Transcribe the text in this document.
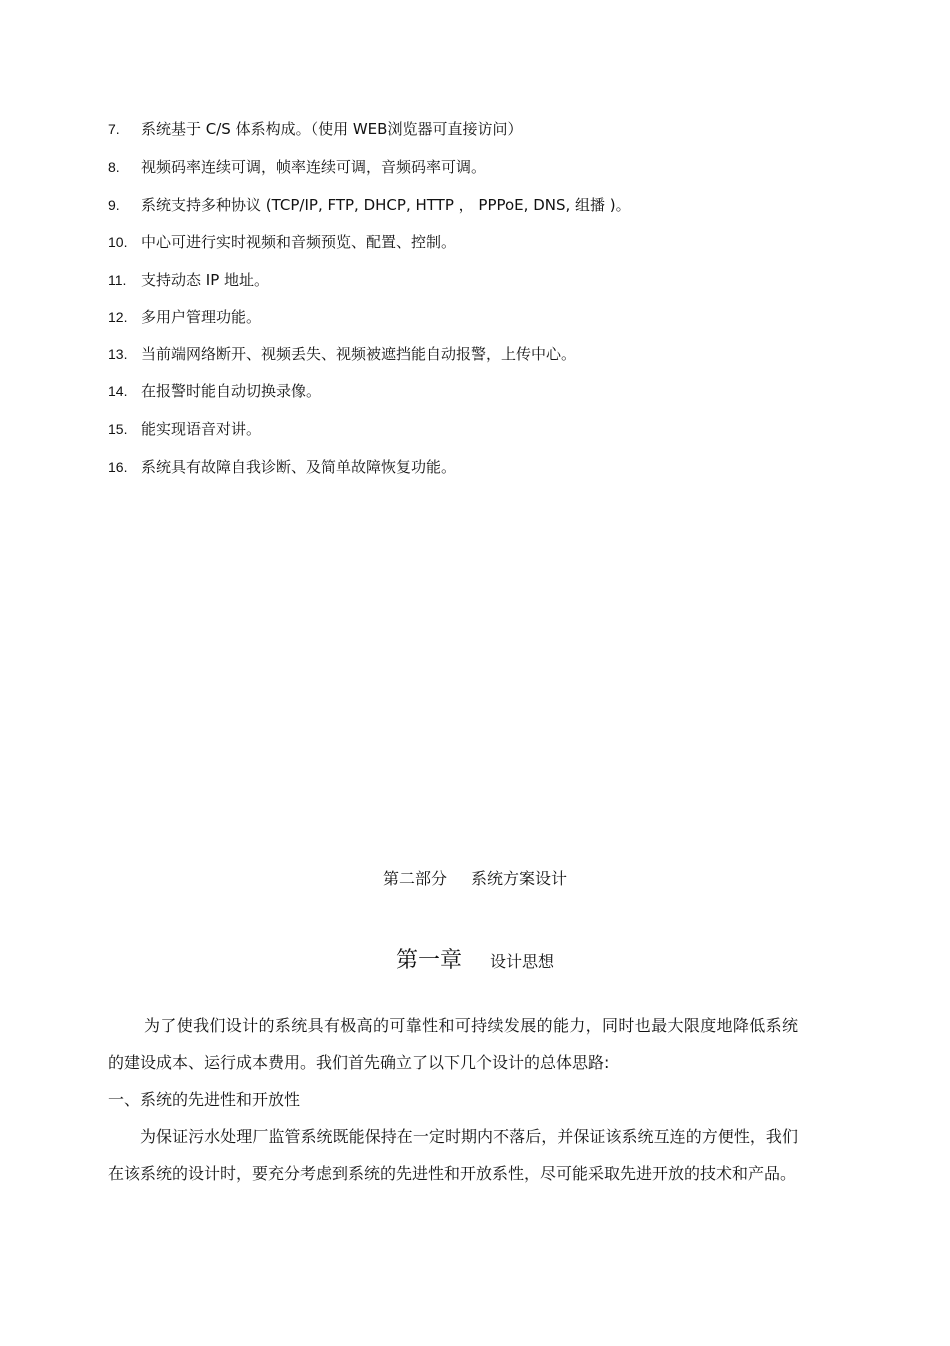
7. 系统基于 C/S 体系构成。（使用 WEB浏览器可直接访问）
8. 视频码率连续可调，帧率连续可调，音频码率可调。
9. 系统支持多种协议 (TCP/IP, FTP, DHCP, HTTP ， PPPoE, DNS, 组播 )。
10. 中心可进行实时视频和音频预览、配置、控制。
11. 支持动态 IP 地址。
12. 多用户管理功能。
13. 当前端网络断开、视频丢失、视频被遮挡能自动报警，上传中心。
14. 在报警时能自动切换录像。
15. 能实现语音对讲。
16. 系统具有故障自我诊断、及简单故障恢复功能。
第二部分 系统方案设计
第一章 设计思想
为了使我们设计的系统具有极高的可靠性和可持续发展的能力，同时也最大限度地降低系统的建设成本、运行成本费用。我们首先确立了以下几个设计的总体思路:
一、系统的先进性和开放性
为保证污水处理厂监管系统既能保持在一定时期内不落后，并保证该系统互连的方便性，我们在该系统的设计时，要充分考虑到系统的先进性和开放系性，尽可能采取先进开放的技术和产品。
